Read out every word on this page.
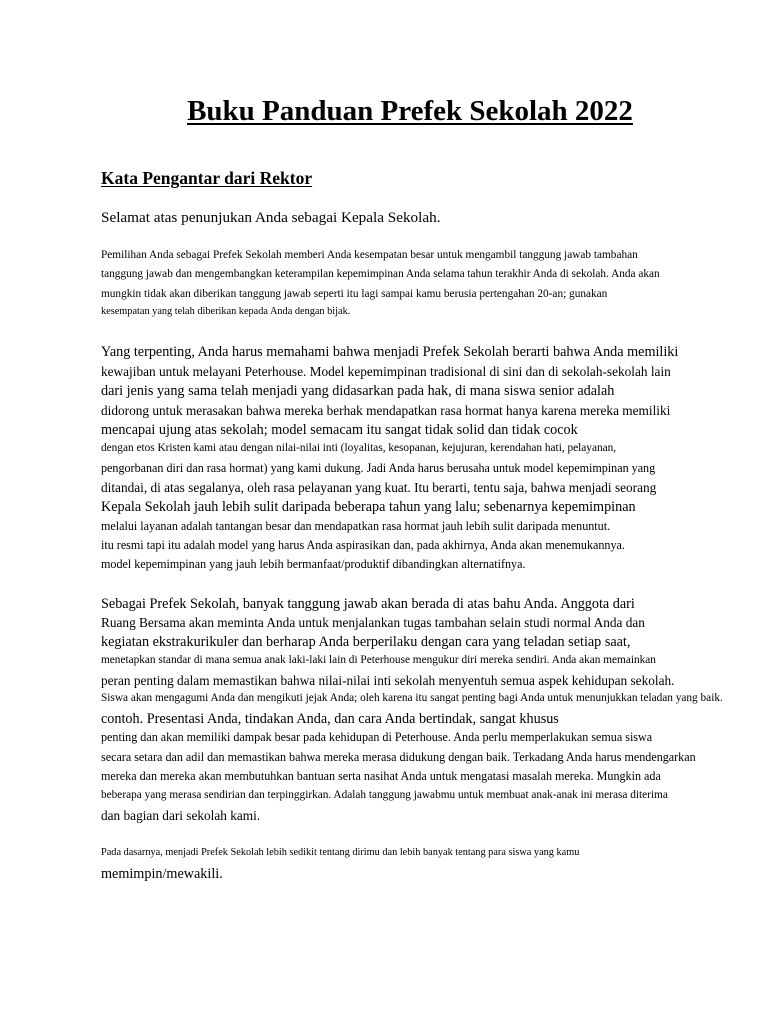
Buku Panduan Prefek Sekolah 2022
Kata Pengantar dari Rektor
Selamat atas penunjukan Anda sebagai Kepala Sekolah.
Pemilihan Anda sebagai Prefek Sekolah memberi Anda kesempatan besar untuk mengambil tanggung jawab tambahan
tanggung jawab dan mengembangkan keterampilan kepemimpinan Anda selama tahun terakhir Anda di sekolah. Anda akan
mungkin tidak akan diberikan tanggung jawab seperti itu lagi sampai kamu berusia pertengahan 20-an; gunakan
kesempatan yang telah diberikan kepada Anda dengan bijak.
Yang terpenting, Anda harus memahami bahwa menjadi Prefek Sekolah berarti bahwa Anda memiliki
kewajiban untuk melayani Peterhouse. Model kepemimpinan tradisional di sini dan di sekolah-sekolah lain
dari jenis yang sama telah menjadi yang didasarkan pada hak, di mana siswa senior adalah
didorong untuk merasakan bahwa mereka berhak mendapatkan rasa hormat hanya karena mereka memiliki
mencapai ujung atas sekolah; model semacam itu sangat tidak solid dan tidak cocok
dengan etos Kristen kami atau dengan nilai-nilai inti (loyalitas, kesopanan, kejujuran, kerendahan hati, pelayanan,
pengorbanan diri dan rasa hormat) yang kami dukung. Jadi Anda harus berusaha untuk model kepemimpinan yang
ditandai, di atas segalanya, oleh rasa pelayanan yang kuat. Itu berarti, tentu saja, bahwa menjadi seorang
Kepala Sekolah jauh lebih sulit daripada beberapa tahun yang lalu; sebenarnya kepemimpinan
melalui layanan adalah tantangan besar dan mendapatkan rasa hormat jauh lebih sulit daripada menuntut.
itu resmi tapi itu adalah model yang harus Anda aspirasikan dan, pada akhirnya, Anda akan menemukannya.
model kepemimpinan yang jauh lebih bermanfaat/produktif dibandingkan alternatifnya.
Sebagai Prefek Sekolah, banyak tanggung jawab akan berada di atas bahu Anda. Anggota dari
Ruang Bersama akan meminta Anda untuk menjalankan tugas tambahan selain studi normal Anda dan
kegiatan ekstrakurikuler dan berharap Anda berperilaku dengan cara yang teladan setiap saat,
menetapkan standar di mana semua anak laki-laki lain di Peterhouse mengukur diri mereka sendiri. Anda akan memainkan
peran penting dalam memastikan bahwa nilai-nilai inti sekolah menyentuh semua aspek kehidupan sekolah.
Siswa akan mengagumi Anda dan mengikuti jejak Anda; oleh karena itu sangat penting bagi Anda untuk menunjukkan teladan yang baik.
contoh. Presentasi Anda, tindakan Anda, dan cara Anda bertindak, sangat khusus
penting dan akan memiliki dampak besar pada kehidupan di Peterhouse. Anda perlu memperlakukan semua siswa
secara setara dan adil dan memastikan bahwa mereka merasa didukung dengan baik. Terkadang Anda harus mendengarkan
mereka dan mereka akan membutuhkan bantuan serta nasihat Anda untuk mengatasi masalah mereka. Mungkin ada
beberapa yang merasa sendirian dan terpinggirkan. Adalah tanggung jawabmu untuk membuat anak-anak ini merasa diterima
dan bagian dari sekolah kami.
Pada dasarnya, menjadi Prefek Sekolah lebih sedikit tentang dirimu dan lebih banyak tentang para siswa yang kamu
memimpin/mewakili.
